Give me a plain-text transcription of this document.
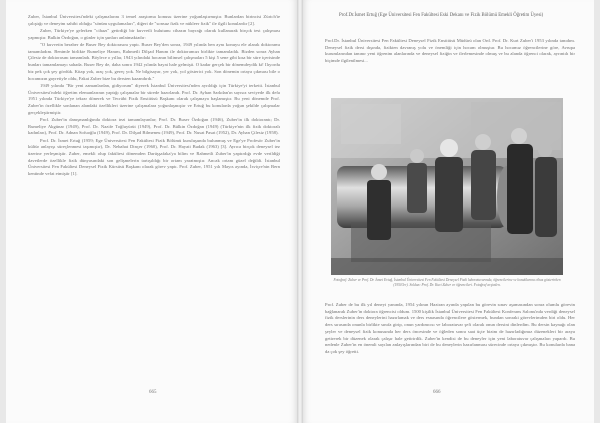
Zuber, İstanbul Üniversitesi'ndeki çalışmalarını 3 temel araştırma konusu üzerine yoğunlaştırmıştır. Bunlardan birincisi Zürich'te çalıştığı ve deneyim sahibi olduğu "sönüm uygulamaları", diğeri de "sonsuz fizik ve nükleer fizik" ile ilgili konulardır [2].

Zuber, Türkiye'ye gelerken "cihazı" getirdiği bir kuvvetli bulutunu cihazın bayrağı olarak kullanarak birçok test çalışması yapmıştır. Bulkin Özdoğan, o günler için şunları anlatmaktadır:

"O kuvvetin beraber de Buser Bey doktorasını yaptı. Buser Bey'den sonra, 1949 yılında ben aynı konuyu ele alarak doktoramı tamamladım. Benimle birlikte Rumeliye Hanım, Rahmetli Dilşad Hanım ile doktoramızı birlikte tamamladık. Bizden sonra Ayhan Çilesiz de doktorasını tamamladı. Böylece o yıllar, 1943 yılındaki hocanın bilimsel çalışmaları 5 kişi 5 sene gibi kısa bir süre içerisinde bunları tamamlamayı sahada. Buser Bey de, daha sonra 1942 yılında bayat hale gelmişti. O kadar gerçek bir dönemdeydik ki! Ilıyordu biz pek çok şey gördük. Kitap yok, araç yok, gereç yok. Ne bilgisayar, yer yok, yol gösterici yok. Son dönemin ortaya çıkması bile o hocamızın gayretiyle oldu, Fakat Zuber bize bu dersten kazandırdı."

1949 yılında "Bir yeni zamanlardan, gidiyorum" diyerek İstanbul Üniversitesi'nden ayrıldığı için Türkiye'yi terketti. İstanbul Üniversitesi'ndeki öğretim elemanlarının yaptığı çalışmalar bir sürede hazırlandı. Prof. Dr. Ayhan Sarkdan'ın sayısız seviyede ilk defa 1951 yılında Türkiye'ye tekrar dönerek ve Tecrübi Fizik Enstitüsü Başkanı olarak çalışmaya başlamıştır. Bu yeni dönemde Prof. Zuber'in özellikle sonlanan alandaki özellikleri üzerine çalışmalara yoğunlaşmıştır ve Ertuğ bu konularda yoğun şekilde çalışmalar gerçekleştirmiştir.

Prof. Zuber'in danışmanlığında doktora tezi tamamlayanlar; Prof. Dr. Buser Özdoğan (1946), Zuber'in ilk doktorantı; Dr. Rumeliye Akgünar (1949), Prof. Dr. Nazife Toğluyürüt (1949), Prof. Dr. Bülkin Özdoğan (1949) (Türkiye'nin ilk fizik doktoralı kadınları), Prof. Dr. Adnan Sofuoğlu (1949), Prof. Dr. Dilşad Bilmeneu (1949), Prof. Dr. Nusat Pasat (1952), Dr. Ayhan Çilesiz (1958).

Prof. Dr. İsmet Ertuğ (1959; Ege Üniversitesi Fen Fakültesi Fizik Bölümü kuruluşunda bulunmuş ve Ege'ye Profesör Zuber'in kültür anlayışı süreçlenmesi taşımıştır), Dr. Nebahat Dinçer (1960), Prof. Dr. Hayati Budak (1963) [3]. Ayrıca birçok deneysel tez üzerine yerleşmiştir. Zuber, emekli olup fakültesi dönemden Darüşşafaka'ya bilim ve Rahmetli Zuber'in yaptırdığı evde verildiği davetlerde özellikle fizik dünyasındaki son gelişmelerin tartışıldığı bir ortam yaratmıştır. Ancak ortam güzel değildi. İstanbul Üniversitesi Fen Fakültesi Deneysel Fizik Kürsüsü Başkanı olarak görev yaptı. Prof. Zuber, 1951 yılı Mayıs ayında, İsviçre'nin Bern kentinde vefat etmiştir [1].

665
Prof.Dr.İsmet Ertuğ (Ege Üniversitesi Fen Fakültesi Eski Dekanı ve Fizik Bölümü Emekli Öğretim Üyesi)

Prof.Dr. İstanbul Üniversitesi Fen Fakültesi Deneysel Fizik Enstitüsü Müdürü olan Ord. Prof. Dr. Kurt Zuber'i 1953 yılında tanıdım. Deneysel fizik dersi dışında, fizikten davranış yolu ve önemliği için hocam olmuştur. Bu hocamız öğrencilerine göre, Avrupa kurumlarından tanınır yeni öğrenim alanlarında ve deneysel fiziğin ve ilerlemesinde olmuş ve bu alanda öğrenci olarak, ayrıntılı bir biçimde ilgilenilmesi...

Fotoğraf: Zuber ve Prof. Dr. İsmet Ertuğ, İstanbul Üniversitesi Fen Fakültesi Deneysel Fizik laboratuvarında, öğrencilerine ve konuklarına cihaz gösterirken (1950'ler). Soldan: Prof. Dr. Kurt Zuber ve öğrencileri. Fotoğraf arşivden.

Prof. Zuber de bu ilk yıl deneyi yanında, 1954 yılının Haziran ayında yapılan bu görevin sınav aşamasından sonra olumlu görevin bağlanarak Zuber'in doktora öğrencisi oldum. 1500 kişilik İstanbul Üniversitesi Fen Fakültesi Konferans Salonu'nda verdiği deneysel fizik derslerinin ders deneylerini hazırlamak ve ders esnasında öğrencilere göstermek, bundan sonraki görevlerimden biri oldu. Her ders sırasında onunla birlikte sınıfa girip, onun yardımcısı ve laboratuvar şefi olarak onun dersini dinlerdim. Bu dersin kaynağı olan şeyler ve deneysel fizik konusunda her ders öncesinde ve öğleden sonra saat üçte bizim de hazırladığımız düzenekleri bir araya getirerek bir düzenek olarak çalışır hale getirirdik. Zuber'in kendisi de bu deneyler için yeni laboratuvar çalışmaları yapardı. Bu nedenle Zuber'in en önemli sayılan anlayışlarından biri de bu deneylerin hazırlanması sürecinde ortaya çıkmıştır. Bu konularda bana da çok şey öğretti.

666
